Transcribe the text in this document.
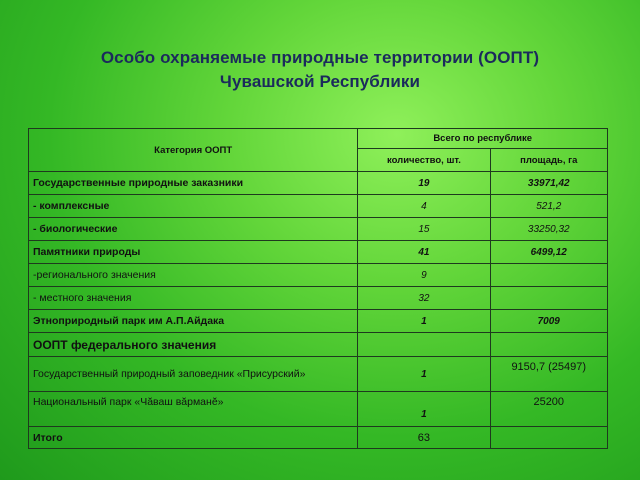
Особо охраняемые природные территории (ООПТ)
Чувашской Республики
Категория ООПТ	Всего по республике	
	количество, шт.	площадь, га
Государственные природные заказники	19	33971,42
- комплексные	4	521,2
- биологические	15	33250,32
Памятники природы	41	6499,12
-регионального значения	9	
- местного значения	32	
Этноприродный парк им А.П.Айдака	1	7009
ООПТ федерального значения		
Государственный природный заповедник «Присурский»	1	9150,7 (25497)
Национальный парк «Чăваш вăрманĕ»	1	25200
Итого	63	
